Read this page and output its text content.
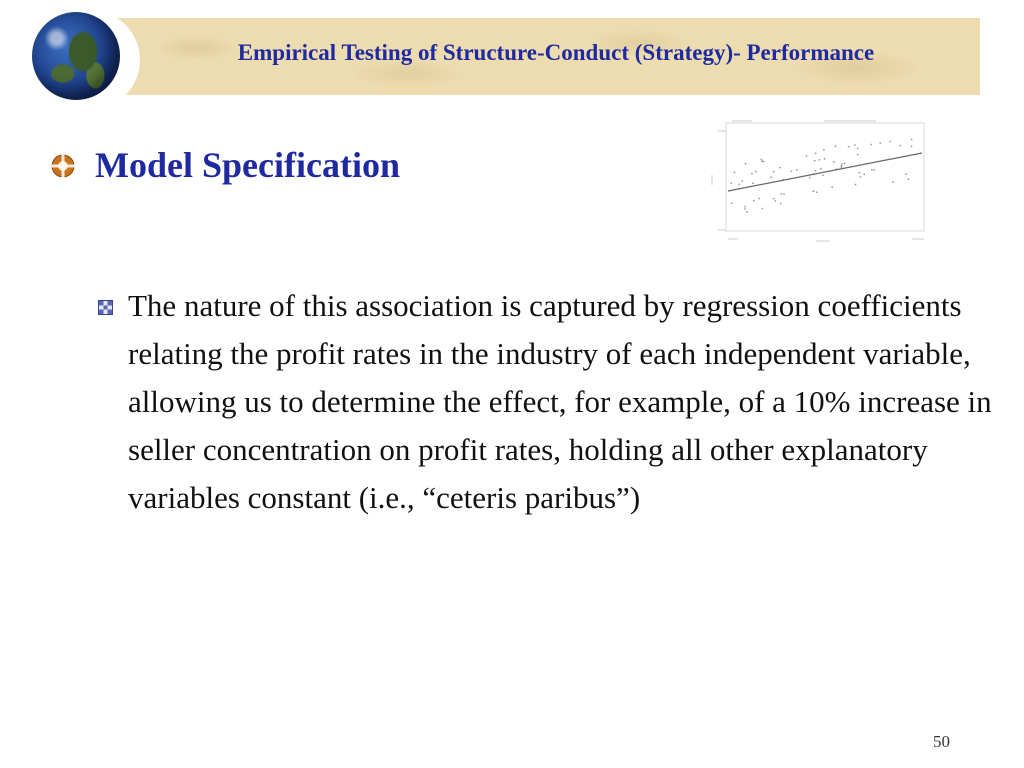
Empirical Testing of Structure-Conduct (Strategy)- Performance
Model Specification

The nature of this association is captured by regression coefficients relating the profit rates in the industry of each independent variable, allowing us to determine the effect, for example, of a 10% increase in seller concentration on profit rates, holding all other explanatory variables constant (i.e., “ceteris paribus”)

50
